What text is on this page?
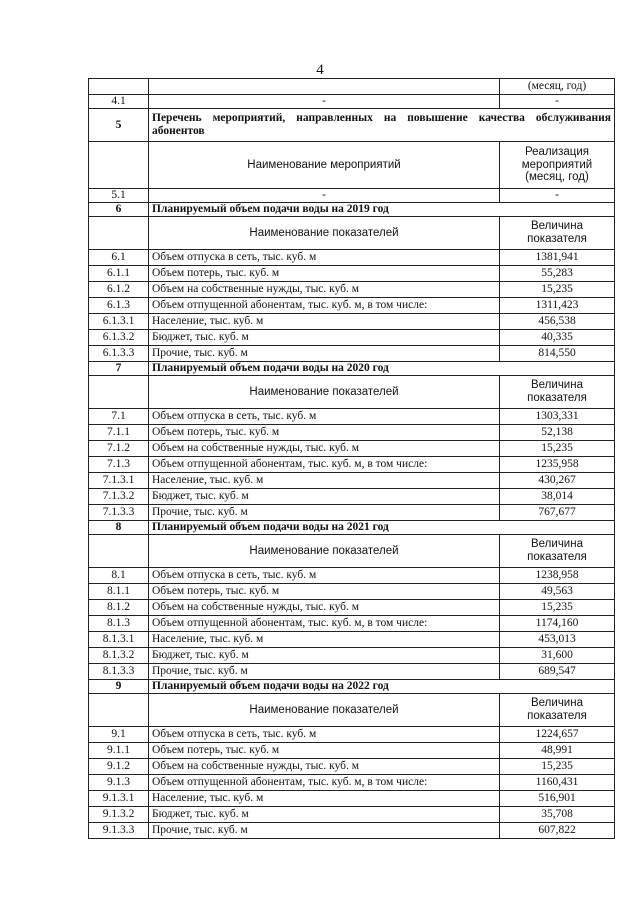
4
		(месяц, год)
4.1	-	-
5	Перечень мероприятий, направленных на повышение качества обслуживания абонентов	
	Наименование мероприятий	Реализация мероприятий (месяц, год)
5.1	-	-
6	Планируемый объем подачи воды на 2019 год	
	Наименование показателей	Величина показателя
6.1	Объем отпуска в сеть, тыс. куб. м	1381,941
6.1.1	Объем потерь, тыс. куб. м	55,283
6.1.2	Объем на собственные нужды, тыс. куб. м	15,235
6.1.3	Объем отпущенной абонентам, тыс. куб. м, в том числе:	1311,423
6.1.3.1	Население, тыс. куб. м	456,538
6.1.3.2	Бюджет, тыс. куб. м	40,335
6.1.3.3	Прочие, тыс. куб. м	814,550
7	Планируемый объем подачи воды на 2020 год	
	Наименование показателей	Величина показателя
7.1	Объем отпуска в сеть, тыс. куб. м	1303,331
7.1.1	Объем потерь, тыс. куб. м	52,138
7.1.2	Объем на собственные нужды, тыс. куб. м	15,235
7.1.3	Объем отпущенной абонентам, тыс. куб. м, в том числе:	1235,958
7.1.3.1	Население, тыс. куб. м	430,267
7.1.3.2	Бюджет, тыс. куб. м	38,014
7.1.3.3	Прочие, тыс. куб. м	767,677
8	Планируемый объем подачи воды на 2021 год	
	Наименование показателей	Величина показателя
8.1	Объем отпуска в сеть, тыс. куб. м	1238,958
8.1.1	Объем потерь, тыс. куб. м	49,563
8.1.2	Объем на собственные нужды, тыс. куб. м	15,235
8.1.3	Объем отпущенной абонентам, тыс. куб. м, в том числе:	1174,160
8.1.3.1	Население, тыс. куб. м	453,013
8.1.3.2	Бюджет, тыс. куб. м	31,600
8.1.3.3	Прочие, тыс. куб. м	689,547
9	Планируемый объем подачи воды на 2022 год	
	Наименование показателей	Величина показателя
9.1	Объем отпуска в сеть, тыс. куб. м	1224,657
9.1.1	Объем потерь, тыс. куб. м	48,991
9.1.2	Объем на собственные нужды, тыс. куб. м	15,235
9.1.3	Объем отпущенной абонентам, тыс. куб. м, в том числе:	1160,431
9.1.3.1	Население, тыс. куб. м	516,901
9.1.3.2	Бюджет, тыс. куб. м	35,708
9.1.3.3	Прочие, тыс. куб. м	607,822
